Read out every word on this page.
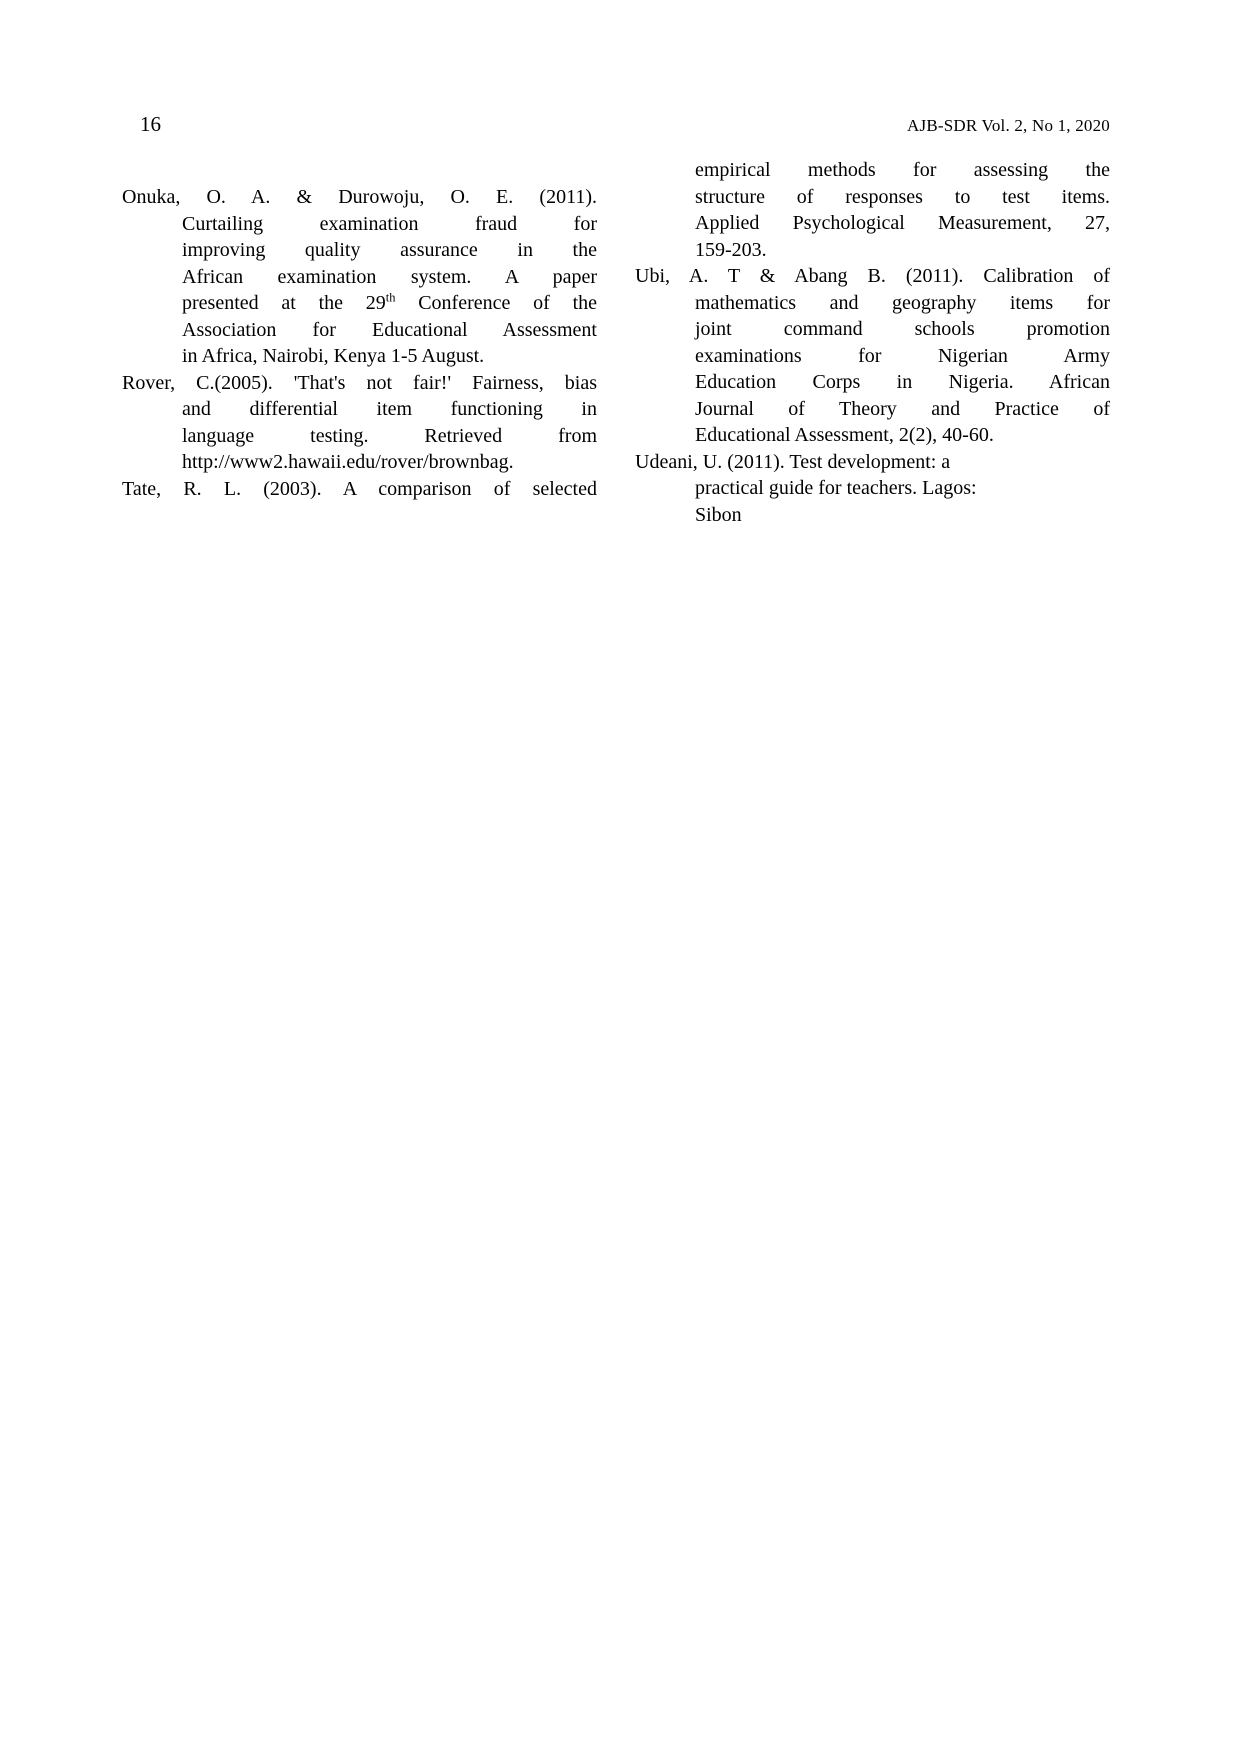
16	AJB-SDR Vol. 2, No 1, 2020

Onuka, O. A. & Durowoju, O. E. (2011).
Curtailing examination fraud for
improving quality assurance in the
African examination system. A paper
presented at the 29th Conference of the
Association for Educational Assessment
in Africa, Nairobi, Kenya 1-5 August.

Rover, C.(2005). 'That's not fair!' Fairness, bias
and differential item functioning in
language testing. Retrieved from
http://www2.hawaii.edu/rover/brownbag.

Tate, R. L. (2003). A comparison of selected

empirical methods for assessing the
structure of responses to test items.
Applied Psychological Measurement, 27,
159-203.

Ubi, A. T & Abang B. (2011). Calibration of
mathematics and geography items for
joint command schools promotion
examinations for Nigerian Army
Education Corps in Nigeria. African
Journal of Theory and Practice of
Educational Assessment, 2(2), 40-60.

Udeani, U. (2011). Test development: a
practical guide for teachers. Lagos:
Sibon
